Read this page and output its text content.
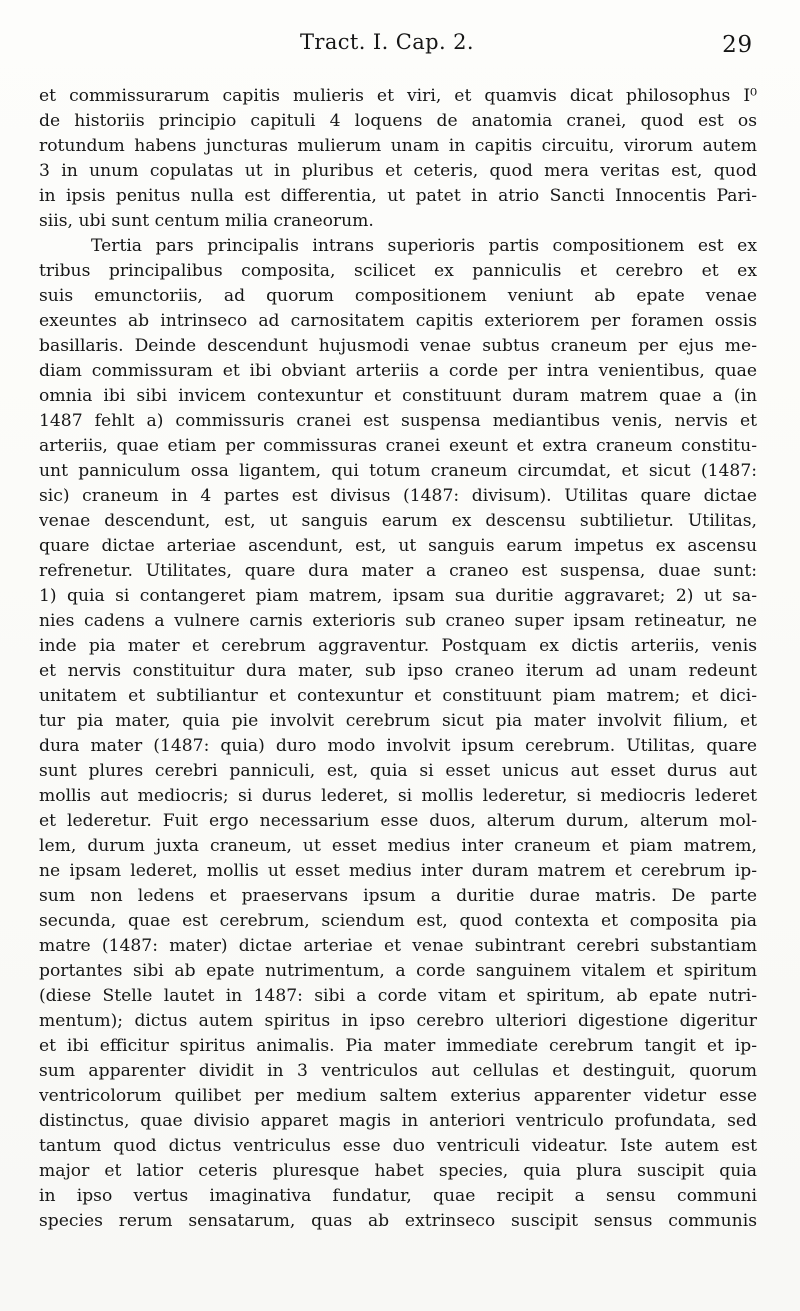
Tract. I. Cap. 2.	29
et commissurarum capitis mulieris et viri, et quamvis dicat philosophus I⁰
de historiis principio capituli 4 loquens de anatomia cranei, quod est os
rotundum habens juncturas mulierum unam in capitis circuitu, virorum autem
3 in unum copulatas ut in pluribus et ceteris, quod mera veritas est, quod
in ipsis penitus nulla est differentia, ut patet in atrio Sancti Innocentis Pari-
siis, ubi sunt centum milia craneorum.
Tertia pars principalis intrans superioris partis compositionem est ex
tribus principalibus composita, scilicet ex panniculis et cerebro et ex
suis emunctoriis, ad quorum compositionem veniunt ab epate venae
exeuntes ab intrinseco ad carnositatem capitis exteriorem per foramen ossis
basillaris. Deinde descendunt hujusmodi venae subtus craneum per ejus me-
diam commissuram et ibi obviant arteriis a corde per intra venientibus, quae
omnia ibi sibi invicem contexuntur et constituunt duram matrem quae a (in
1487 fehlt a) commissuris cranei est suspensa mediantibus venis, nervis et
arteriis, quae etiam per commissuras cranei exeunt et extra craneum constitu-
unt panniculum ossa ligantem, qui totum craneum circumdat, et sicut (1487:
sic) craneum in 4 partes est divisus (1487: divisum). Utilitas quare dictae
venae descendunt, est, ut sanguis earum ex descensu subtilietur. Utilitas,
quare dictae arteriae ascendunt, est, ut sanguis earum impetus ex ascensu
refrenetur. Utilitates, quare dura mater a craneo est suspensa, duae sunt:
1) quia si contangeret piam matrem, ipsam sua duritie aggravaret; 2) ut sa-
nies cadens a vulnere carnis exterioris sub craneo super ipsam retineatur, ne
inde pia mater et cerebrum aggraventur. Postquam ex dictis arteriis, venis
et nervis constituitur dura mater, sub ipso craneo iterum ad unam redeunt
unitatem et subtiliantur et contexuntur et constituunt piam matrem; et dici-
tur pia mater, quia pie involvit cerebrum sicut pia mater involvit filium, et
dura mater (1487: quia) duro modo involvit ipsum cerebrum. Utilitas, quare
sunt plures cerebri panniculi, est, quia si esset unicus aut esset durus aut
mollis aut mediocris; si durus lederet, si mollis lederetur, si mediocris lederet
et lederetur. Fuit ergo necessarium esse duos, alterum durum, alterum mol-
lem, durum juxta craneum, ut esset medius inter craneum et piam matrem,
ne ipsam lederet, mollis ut esset medius inter duram matrem et cerebrum ip-
sum non ledens et praeservans ipsum a duritie durae matris. De parte
secunda, quae est cerebrum, sciendum est, quod contexta et composita pia
matre (1487: mater) dictae arteriae et venae subintrant cerebri substantiam
portantes sibi ab epate nutrimentum, a corde sanguinem vitalem et spiritum
(diese Stelle lautet in 1487: sibi a corde vitam et spiritum, ab epate nutri-
mentum); dictus autem spiritus in ipso cerebro ulteriori digestione digeritur
et ibi efficitur spiritus animalis. Pia mater immediate cerebrum tangit et ip-
sum apparenter dividit in 3 ventriculos aut cellulas et destinguit, quorum
ventricolorum quilibet per medium saltem exterius apparenter videtur esse
distinctus, quae divisio apparet magis in anteriori ventriculo profundata, sed
tantum quod dictus ventriculus esse duo ventriculi videatur. Iste autem est
major et latior ceteris pluresque habet species, quia plura suscipit quia
in ipso vertus imaginativa fundatur, quae recipit a sensu communi
species rerum sensatarum, quas ab extrinseco suscipit sensus communis
